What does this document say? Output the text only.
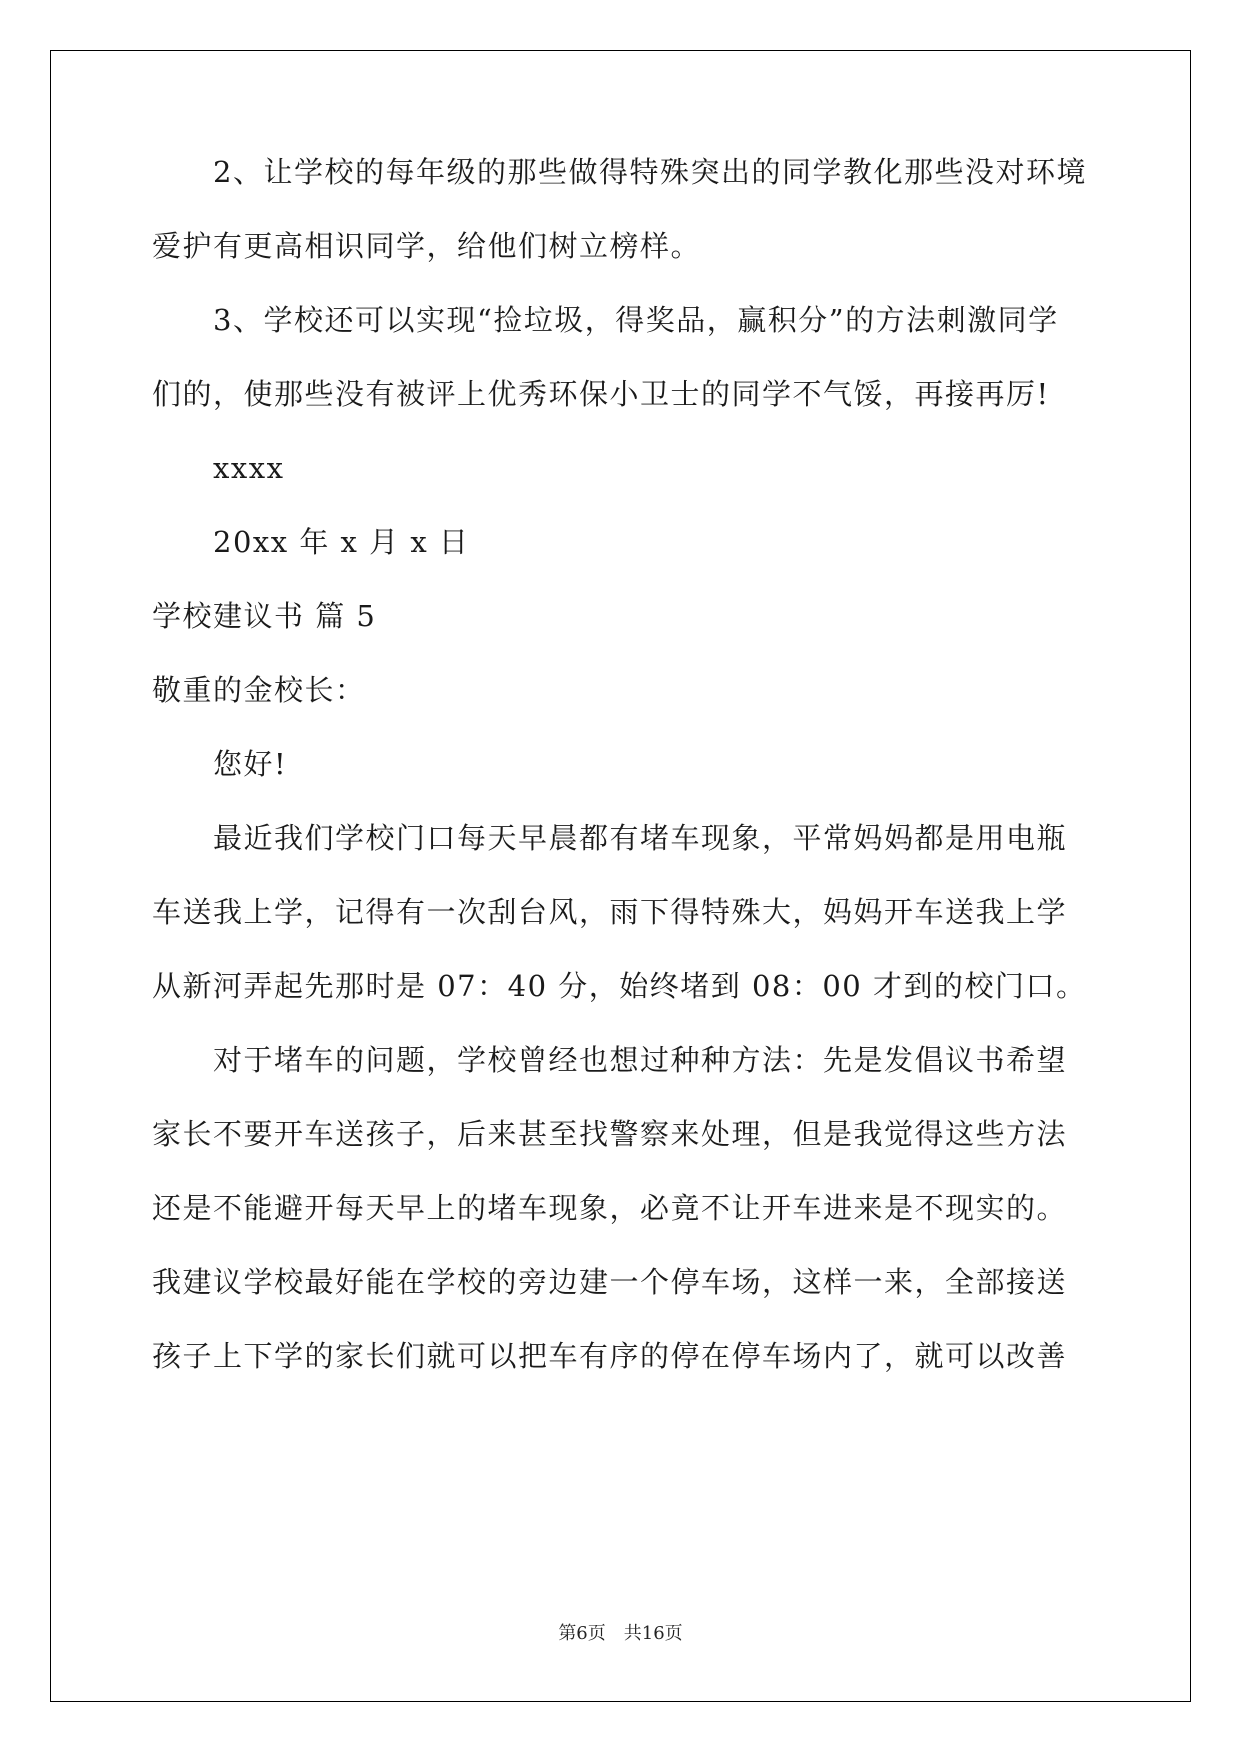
2、让学校的每年级的那些做得特殊突出的同学教化那些没对环境
爱护有更高相识同学，给他们树立榜样。
3、学校还可以实现“捡垃圾，得奖品，赢积分”的方法刺激同学
们的，使那些没有被评上优秀环保小卫士的同学不气馁，再接再厉!
xxxx
20xx 年 x 月 x 日
学校建议书 篇 5
敬重的金校长：
您好!
最近我们学校门口每天早晨都有堵车现象，平常妈妈都是用电瓶
车送我上学，记得有一次刮台风，雨下得特殊大，妈妈开车送我上学
从新河弄起先那时是 07：40 分，始终堵到 08：00 才到的校门口。
对于堵车的问题，学校曾经也想过种种方法：先是发倡议书希望
家长不要开车送孩子，后来甚至找警察来处理，但是我觉得这些方法
还是不能避开每天早上的堵车现象，必竟不让开车进来是不现实的。
我建议学校最好能在学校的旁边建一个停车场，这样一来，全部接送
孩子上下学的家长们就可以把车有序的停在停车场内了，就可以改善
第6页 共16页
